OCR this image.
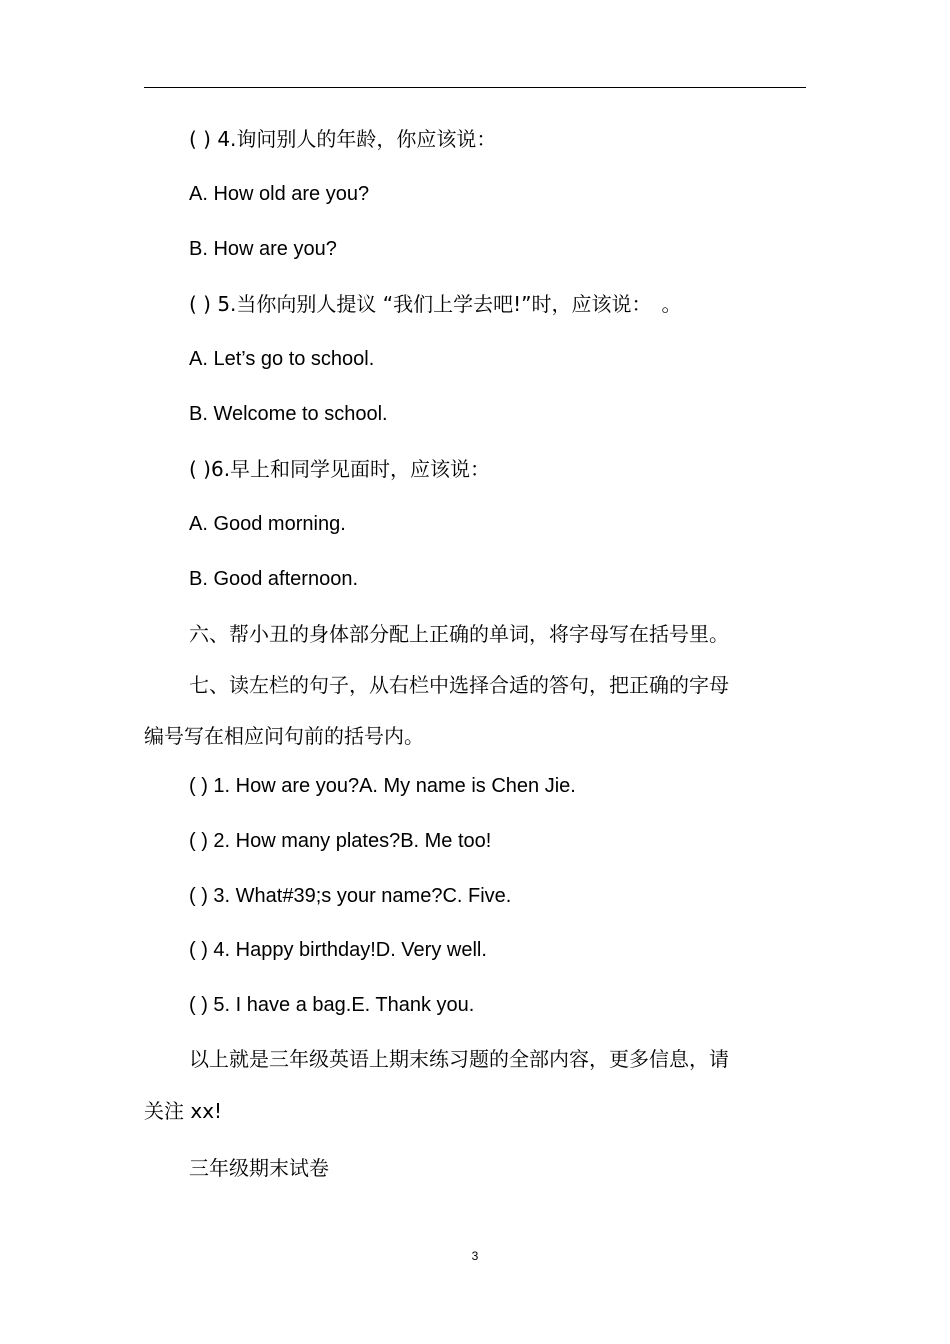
( ) 4.询问别人的年龄，你应该说：
A. How old are you?
B. How are you?
( ) 5.当你向别人提议 “我们上学去吧!”时，应该说：　。
A. Let’s go to school.
B. Welcome to school.
( )6.早上和同学见面时，应该说：
A. Good morning.
B. Good afternoon.
六、帮小丑的身体部分配上正确的单词，将字母写在括号里。
七、读左栏的句子，从右栏中选择合适的答句，把正确的字母
编号写在相应问句前的括号内。
( ) 1. How are you?A. My name is Chen Jie.
( ) 2. How many plates?B. Me too!
( ) 3. What#39;s your name?C. Five.
( ) 4. Happy birthday!D. Very well.
( ) 5. I have a bag.E. Thank you.
以上就是三年级英语上期末练习题的全部内容，更多信息，请
关注 xx!
三年级期末试卷
3
